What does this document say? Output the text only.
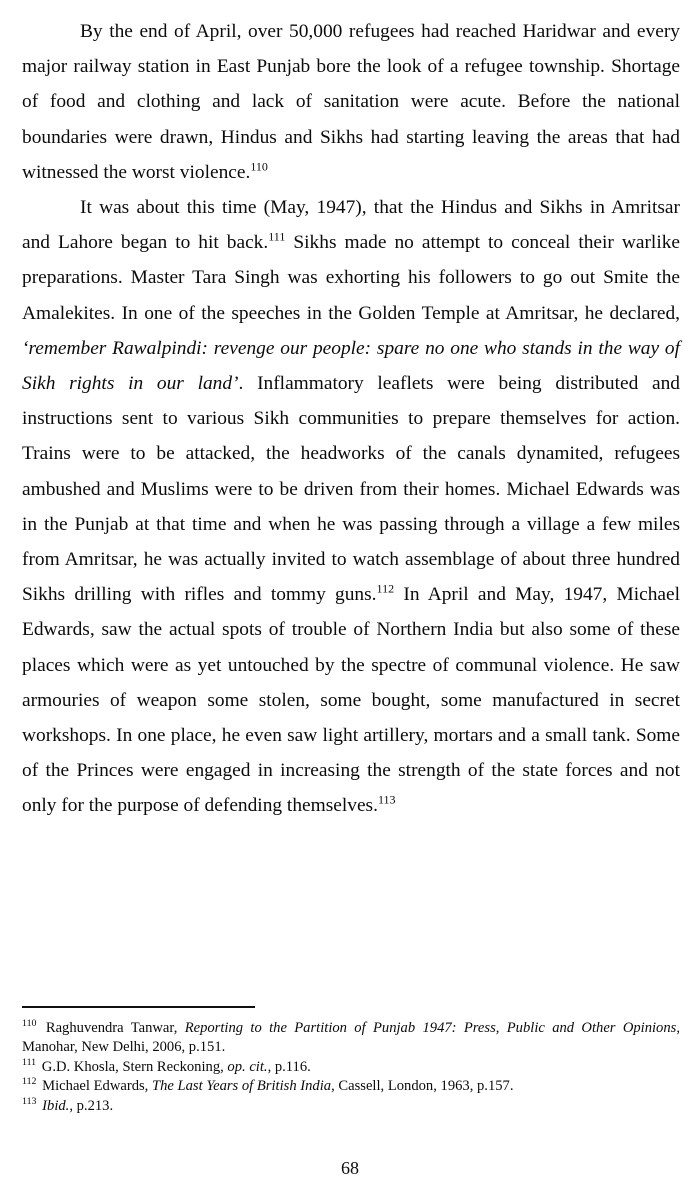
By the end of April, over 50,000 refugees had reached Haridwar and every major railway station in East Punjab bore the look of a refugee township. Shortage of food and clothing and lack of sanitation were acute. Before the national boundaries were drawn, Hindus and Sikhs had starting leaving the areas that had witnessed the worst violence.$^{110}$

It was about this time (May, 1947), that the Hindus and Sikhs in Amritsar and Lahore began to hit back.$^{111}$ Sikhs made no attempt to conceal their warlike preparations. Master Tara Singh was exhorting his followers to go out Smite the Amalekites. In one of the speeches in the Golden Temple at Amritsar, he declared, ‘remember Rawalpindi: revenge our people: spare no one who stands in the way of Sikh rights in our land’. Inflammatory leaflets were being distributed and instructions sent to various Sikh communities to prepare themselves for action. Trains were to be attacked, the headworks of the canals dynamited, refugees ambushed and Muslims were to be driven from their homes. Michael Edwards was in the Punjab at that time and when he was passing through a village a few miles from Amritsar, he was actually invited to watch assemblage of about three hundred Sikhs drilling with rifles and tommy guns.$^{112}$ In April and May, 1947, Michael Edwards, saw the actual spots of trouble of Northern India but also some of these places which were as yet untouched by the spectre of communal violence. He saw armouries of weapon some stolen, some bought, some manufactured in secret workshops. In one place, he even saw light artillery, mortars and a small tank. Some of the Princes were engaged in increasing the strength of the state forces and not only for the purpose of defending themselves.$^{113}$

$^{110}$ Raghuvendra Tanwar, Reporting to the Partition of Punjab 1947: Press, Public and Other Opinions, Manohar, New Delhi, 2006, p.151.

$^{111}$ G.D. Khosla, Stern Reckoning, op. cit., p.116.

$^{112}$ Michael Edwards, The Last Years of British India, Cassell, London, 1963, p.157.

$^{113}$ Ibid., p.213.

68
